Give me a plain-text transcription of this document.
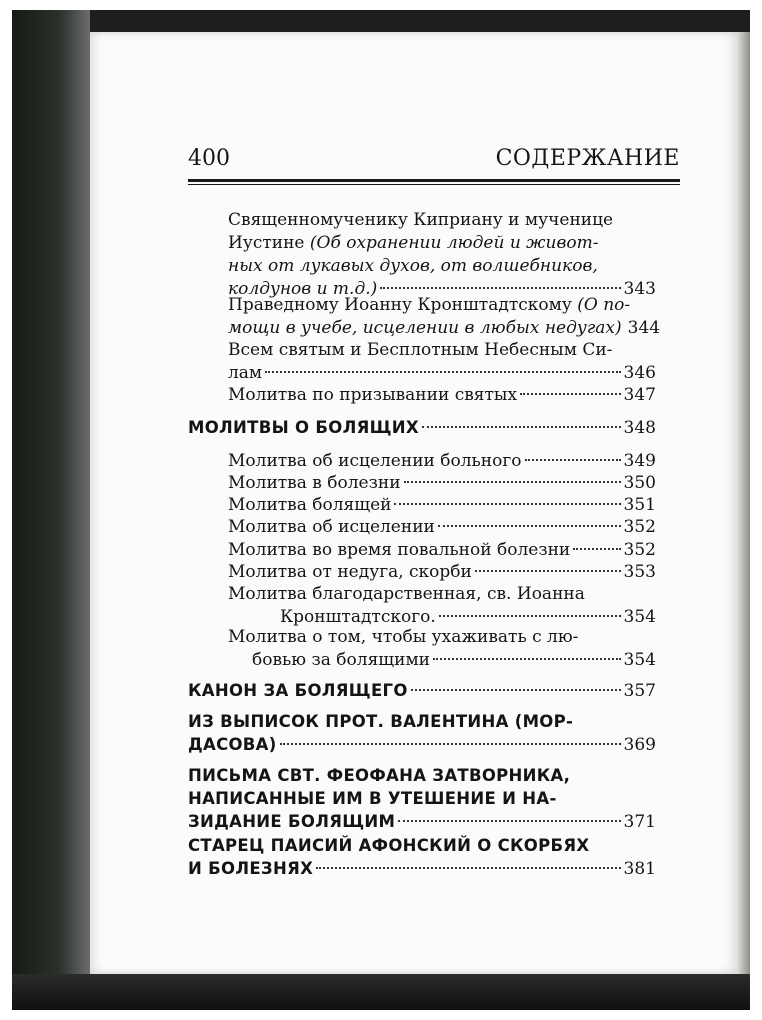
400	СОДЕРЖАНИЕ
Священномученику Киприану и мученице
Иустине (Об охранении людей и живот-
ных от лукавых духов, от волшебников,
колдунов и т.д.)	343
Праведному Иоанну Кронштадтскому (О по-
мощи в учебе, исцелении в любых недугах) 344
Всем святым и Бесплотным Небесным Си-
лам	346
Молитва по призывании святых	347
МОЛИТВЫ О БОЛЯЩИХ	348
Молитва об исцелении больного	349
Молитва в болезни	350
Молитва болящей	351
Молитва об исцелении	352
Молитва во время повальной болезни	352
Молитва от недуга, скорби	353
Молитва благодарственная, св. Иоанна
Кронштадтского.	354
Молитва о том, чтобы ухаживать с лю-
бовью за болящими	354
КАНОН ЗА БОЛЯЩЕГО	357
ИЗ ВЫПИСОК ПРОТ. ВАЛЕНТИНА (МОР-
ДАСОВА)	369
ПИСЬМА СВТ. ФЕОФАНА ЗАТВОРНИКА,
НАПИСАННЫЕ ИМ В УТЕШЕНИЕ И НА-
ЗИДАНИЕ БОЛЯЩИМ	371
СТАРЕЦ ПАИСИЙ АФОНСКИЙ О СКОРБЯХ
И БОЛЕЗНЯХ	381
